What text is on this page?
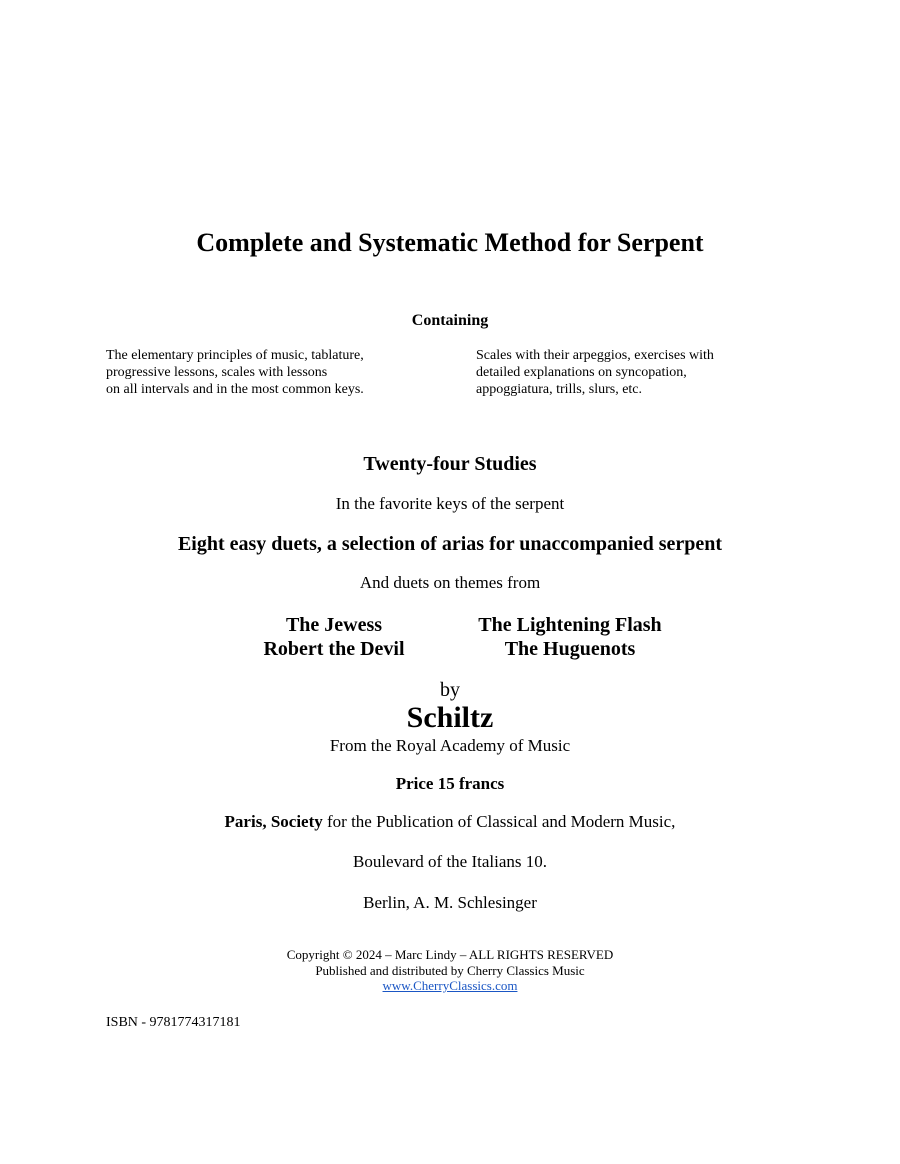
Complete and Systematic Method for Serpent
Containing
The elementary principles of music, tablature,
progressive lessons, scales with lessons
on all intervals and in the most common keys.
Scales with their arpeggios, exercises with
detailed explanations on syncopation,
appoggiatura, trills, slurs, etc.
Twenty-four Studies
In the favorite keys of the serpent
Eight easy duets, a selection of arias for unaccompanied serpent
And duets on themes from
The Jewess
Robert the Devil
The Lightening Flash
The Huguenots
by
Schiltz
From the Royal Academy of Music
Price 15 francs
Paris, Society for the Publication of Classical and Modern Music,
Boulevard of the Italians 10.
Berlin, A. M. Schlesinger
Copyright © 2024 – Marc Lindy – ALL RIGHTS RESERVED
Published and distributed by Cherry Classics Music
www.CherryClassics.com
ISBN - 9781774317181
